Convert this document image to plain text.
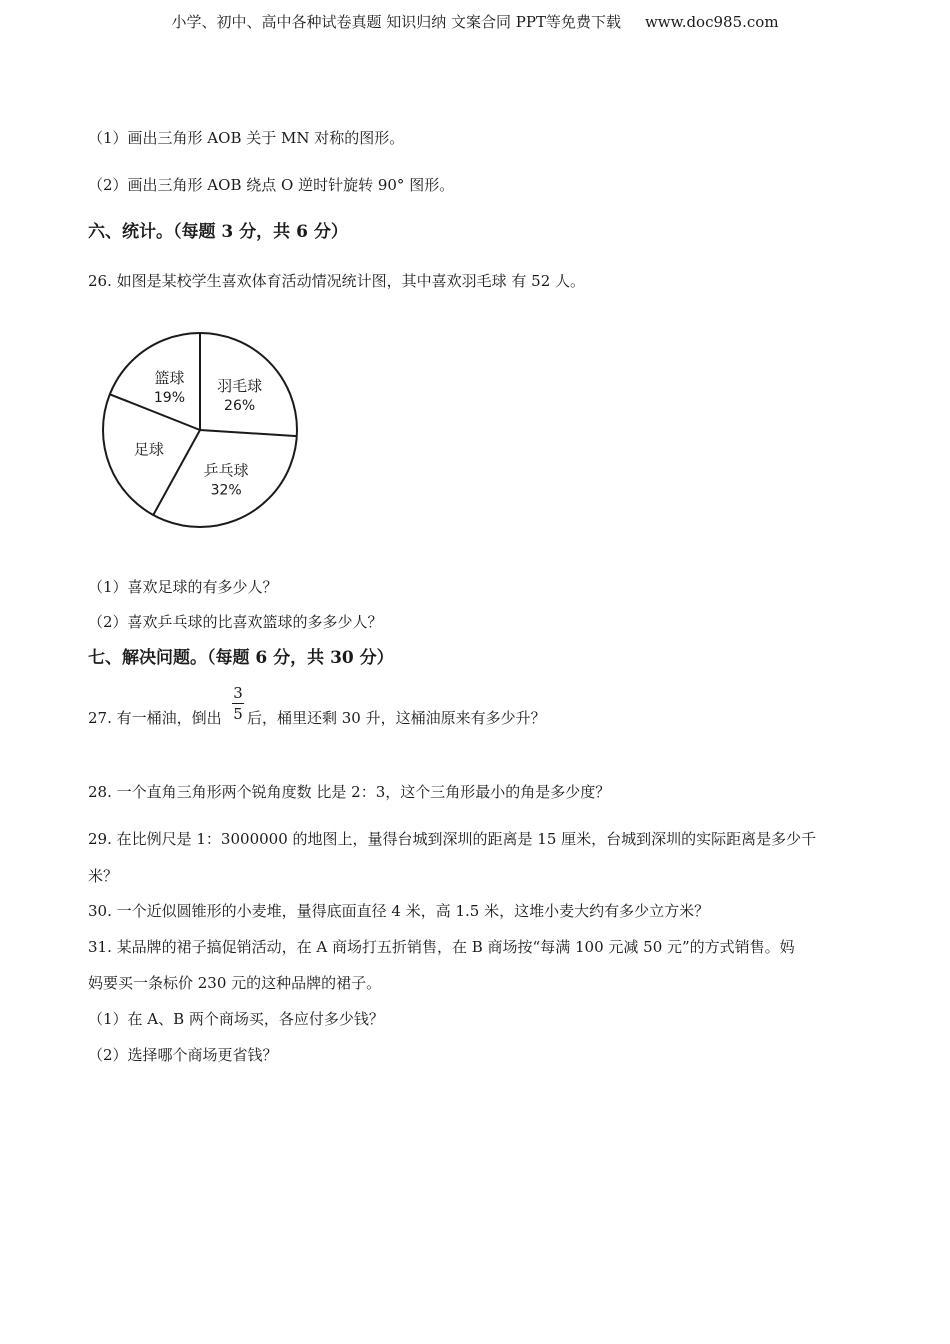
小学、初中、高中各种试卷真题 知识归纳 文案合同 PPT等免费下载 www.doc985.com
（1）画出三角形 AOB 关于 MN 对称的图形。
（2）画出三角形 AOB 绕点 O 逆时针旋转 90° 图形。
六、统计。（每题 3 分，共 6 分）
26. 如图是某校学生喜欢体育活动情况统计图，其中喜欢羽毛球 有 52 人。
羽毛球
26%
乒乓球
32%
足球
篮球
19%
（1）喜欢足球的有多少人？
（2）喜欢乒乓球的比喜欢篮球的多多少人？
七、解决问题。（每题 6 分，共 30 分）
27. 有一桶油，倒出
3
5 后，桶里还剩 30 升，这桶油原来有多少升？
28. 一个直角三角形两个锐角度数 比是 2：3，这个三角形最小的角是多少度？
29. 在比例尺是 1：3000000 的地图上，量得台城到深圳的距离是 15 厘米，台城到深圳的实际距离是多少千
米？
30. 一个近似圆锥形的小麦堆，量得底面直径 4 米，高 1.5 米，这堆小麦大约有多少立方米？
31. 某品牌的裙子搞促销活动，在 A 商场打五折销售，在 B 商场按“每满 100 元减 50 元”的方式销售。妈
妈要买一条标价 230 元的这种品牌的裙子。
（1）在 A、B 两个商场买，各应付多少钱？
（2）选择哪个商场更省钱？
